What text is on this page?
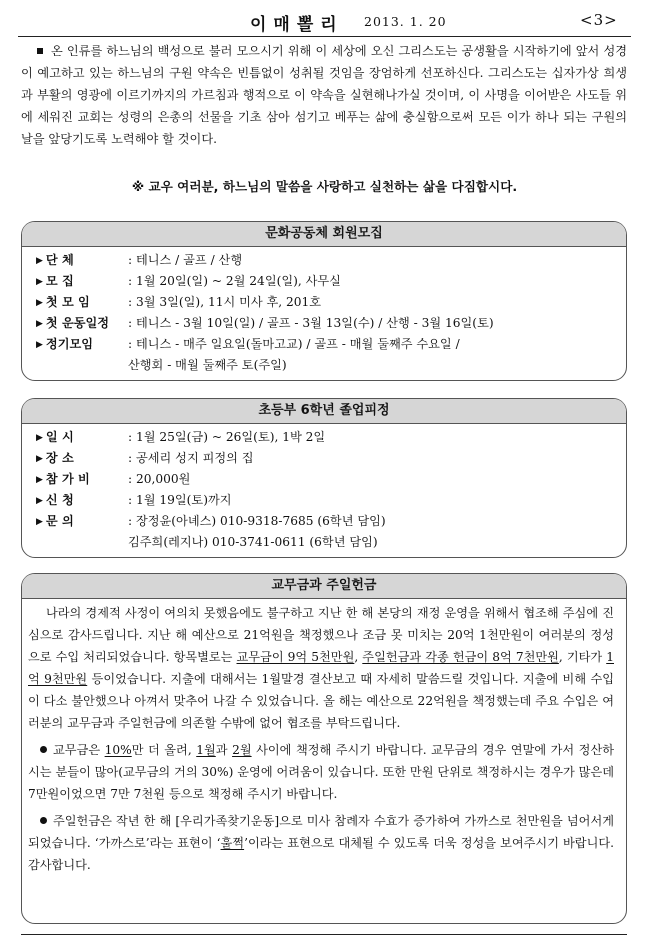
이매뽈리 2013. 1. 20	<3>

온 인류를 하느님의 백성으로 불러 모으시기 위해 이 세상에 오신 그리스도는 공생활을 시작하기에 앞서 성경이 예고하고 있는 하느님의 구원 약속은 빈틈없이 성취될 것임을 장엄하게 선포하신다. 그리스도는 십자가상 희생과 부활의 영광에 이르기까지의 가르침과 행적으로 이 약속을 실현해나가실 것이며, 이 사명을 이어받은 사도들 위에 세워진 교회는 성령의 은총의 선물을 기초 삼아 섬기고 베푸는 삶에 충실함으로써 모든 이가 하나 되는 구원의 날을 앞당기도록 노력해야 할 것이다.

※ 교우 여러분, 하느님의 말씀을 사랑하고 실천하는 삶을 다짐합시다.
문화공동체 회원모집
▶ 단 체	: 테니스 / 골프 / 산행
▶ 모 집	: 1월 20일(일) ~ 2월 24일(일), 사무실
▶ 첫 모 임	: 3월 3일(일), 11시 미사 후, 201호
▶ 첫 운동일정	: 테니스 - 3월 10일(일) / 골프 - 3월 13일(수) / 산행 - 3월 16일(토)
▶ 정기모임	: 테니스 - 매주 일요일(돌마고교) / 골프 - 매월 둘째주 수요일 /
산행회 - 매월 둘째주 토(주일)
초등부 6학년 졸업피정
▶ 일 시	: 1월 25일(금) ~ 26일(토), 1박 2일
▶ 장 소	: 공세리 성지 피정의 집
▶ 참 가 비	: 20,000원
▶ 신 청	: 1월 19일(토)까지
▶ 문 의	: 장정윤(아녜스) 010-9318-7685 (6학년 담임)
김주희(레지나) 010-3741-0611 (6학년 담임)
교무금과 주일헌금

나라의 경제적 사정이 여의치 못했음에도 불구하고 지난 한 해 본당의 재정 운영을 위해서 협조해 주심에 진심으로 감사드립니다. 지난 해 예산으로 21억원을 책정했으나 조금 못 미치는 20억 1천만원이 여러분의 정성으로 수입 처리되었습니다. 항목별로는 교무금이 9억 5천만원, 주일헌금과 각종 헌금이 8억 7천만원, 기타가 1억 9천만원 등이었습니다. 지출에 대해서는 1월말경 결산보고 때 자세히 말씀드릴 것입니다. 지출에 비해 수입이 다소 불안했으나 아껴서 맞추어 나갈 수 있었습니다. 올 해는 예산으로 22억원을 책정했는데 주요 수입은 여러분의 교무금과 주일헌금에 의존할 수밖에 없어 협조를 부탁드립니다.

교무금은 10%만 더 올려, 1월과 2월 사이에 책정해 주시기 바랍니다. 교무금의 경우 연말에 가서 정산하시는 분들이 많아(교무금의 거의 30%) 운영에 어려움이 있습니다. 또한 만원 단위로 책정하시는 경우가 많은데 7만원이었으면 7만 7천원 등으로 책정해 주시기 바랍니다.

주일헌금은 작년 한 해 [우리가족찾기운동]으로 미사 참례자 수효가 증가하여 가까스로 천만원을 넘어서게 되었습니다. ‘가까스로’라는 표현이 ‘훌쩍’이라는 표현으로 대체될 수 있도록 더욱 정성을 보여주시기 바랍니다. 감사합니다.
